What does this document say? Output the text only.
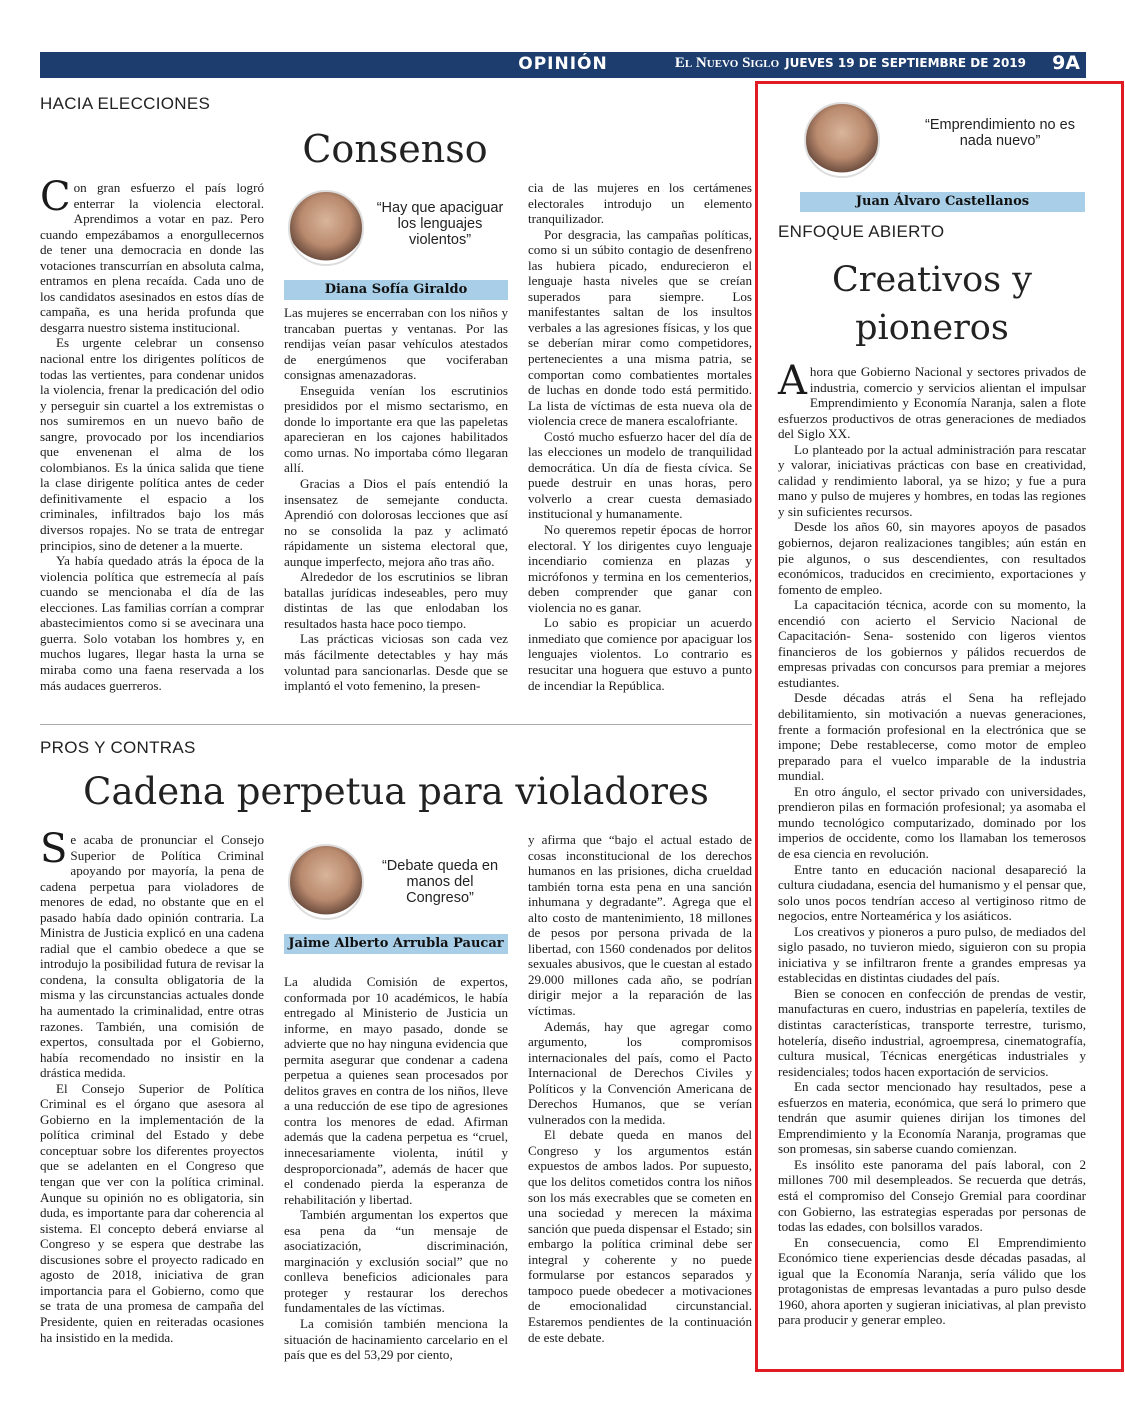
OPINIÓN	El Nuevo Siglo JUEVES 19 DE SEPTIEMBRE DE 2019 9A
HACIA ELECCIONES
Consenso

Con gran esfuerzo el país logró enterrar la violencia electoral. Aprendimos a votar en paz. Pero cuando empezábamos a enorgullecernos de tener una democracia en donde las votaciones transcurrían en absoluta calma, entramos en plena recaída. Cada uno de los candidatos asesinados en estos días de campaña, es una herida profunda que desgarra nuestro sistema institucional.

Es urgente celebrar un consenso nacional entre los dirigentes políticos de todas las vertientes, para condenar unidos la violencia, frenar la predicación del odio y perseguir sin cuartel a los extremistas o nos sumiremos en un nuevo baño de sangre, provocado por los incendiarios que envenenan el alma de los colombianos. Es la única salida que tiene la clase dirigente política antes de ceder definitivamente el espacio a los criminales, infiltrados bajo los más diversos ropajes. No se trata de entregar principios, sino de detener a la muerte.

Ya había quedado atrás la época de la violencia política que estremecía al país cuando se mencionaba el día de las elecciones. Las familias corrían a comprar abastecimientos como si se avecinara una guerra. Solo votaban los hombres y, en muchos lugares, llegar hasta la urna se miraba como una faena reservada a los más audaces guerreros.

“Hay que apaciguar los lenguajes violentos”
Diana Sofía Giraldo

Las mujeres se encerraban con los niños y trancaban puertas y ventanas. Por las rendijas veían pasar vehículos atestados de energúmenos que vociferaban consignas amenazadoras.

Enseguida venían los escrutinios presididos por el mismo sectarismo, en donde lo importante era que las papeletas aparecieran en los cajones habilitados como urnas. No importaba cómo llegaran allí.

Gracias a Dios el país entendió la insensatez de semejante conducta. Aprendió con dolorosas lecciones que así no se consolida la paz y aclimató rápidamente un sistema electoral que, aunque imperfecto, mejora año tras año.

Alrededor de los escrutinios se libran batallas jurídicas indeseables, pero muy distintas de las que enlodaban los resultados hasta hace poco tiempo.

Las prácticas viciosas son cada vez más fácilmente detectables y hay más voluntad para sancionarlas. Desde que se implantó el voto femenino, la presen-

cia de las mujeres en los certámenes electorales introdujo un elemento tranquilizador.

Por desgracia, las campañas políticas, como si un súbito contagio de desenfreno las hubiera picado, endurecieron el lenguaje hasta niveles que se creían superados para siempre. Los manifestantes saltan de los insultos verbales a las agresiones físicas, y los que se deberían mirar como competidores, pertenecientes a una misma patria, se comportan como combatientes mortales de luchas en donde todo está permitido. La lista de víctimas de esta nueva ola de violencia crece de manera escalofriante.

Costó mucho esfuerzo hacer del día de las elecciones un modelo de tranquilidad democrática. Un día de fiesta cívica. Se puede destruir en unas horas, pero volverlo a crear cuesta demasiado institucional y humanamente.

No queremos repetir épocas de horror electoral. Y los dirigentes cuyo lenguaje incendiario comienza en plazas y micrófonos y termina en los cementerios, deben comprender que ganar con violencia no es ganar.

Lo sabio es propiciar un acuerdo inmediato que comience por apaciguar los lenguajes violentos. Lo contrario es resucitar una hoguera que estuvo a punto de incendiar la República.

PROS Y CONTRAS
Cadena perpetua para violadores

Se acaba de pronunciar el Consejo Superior de Política Criminal apoyando por mayoría, la pena de cadena perpetua para violadores de menores de edad, no obstante que en el pasado había dado opinión contraria. La Ministra de Justicia explicó en una cadena radial que el cambio obedece a que se introdujo la posibilidad futura de revisar la condena, la consulta obligatoria de la misma y las circunstancias actuales donde ha aumentado la criminalidad, entre otras razones. También, una comisión de expertos, consultada por el Gobierno, había recomendado no insistir en la drástica medida.

El Consejo Superior de Política Criminal es el órgano que asesora al Gobierno en la implementación de la política criminal del Estado y debe conceptuar sobre los diferentes proyectos que se adelanten en el Congreso que tengan que ver con la política criminal. Aunque su opinión no es obligatoria, sin duda, es importante para dar coherencia al sistema. El concepto deberá enviarse al Congreso y se espera que destrabe las discusiones sobre el proyecto radicado en agosto de 2018, iniciativa de gran importancia para el Gobierno, como que se trata de una promesa de campaña del Presidente, quien en reiteradas ocasiones ha insistido en la medida.

“Debate queda en manos del Congreso”
Jaime Alberto Arrubla Paucar

La aludida Comisión de expertos, conformada por 10 académicos, le había entregado al Ministerio de Justicia un informe, en mayo pasado, donde se advierte que no hay ninguna evidencia que permita asegurar que condenar a cadena perpetua a quienes sean procesados por delitos graves en contra de los niños, lleve a una reducción de ese tipo de agresiones contra los menores de edad. Afirman además que la cadena perpetua es “cruel, innecesariamente violenta, inútil y desproporcionada”, además de hacer que el condenado pierda la esperanza de rehabilitación y libertad.

También argumentan los expertos que esa pena da “un mensaje de asociatización, discriminación, marginación y exclusión social” que no conlleva beneficios adicionales para proteger y restaurar los derechos fundamentales de las víctimas.

La comisión también menciona la situación de hacinamiento carcelario en el país que es del 53,29 por ciento,

y afirma que “bajo el actual estado de cosas inconstitucional de los derechos humanos en las prisiones, dicha crueldad también torna esta pena en una sanción inhumana y degradante”. Agrega que el alto costo de mantenimiento, 18 millones de pesos por persona privada de la libertad, con 1560 condenados por delitos sexuales abusivos, que le cuestan al estado 29.000 millones cada año, se podrían dirigir mejor a la reparación de las víctimas.

Además, hay que agregar como argumento, los compromisos internacionales del país, como el Pacto Internacional de Derechos Civiles y Políticos y la Convención Americana de Derechos Humanos, que se verían vulnerados con la medida.

El debate queda en manos del Congreso y los argumentos están expuestos de ambos lados. Por supuesto, que los delitos cometidos contra los niños son los más execrables que se cometen en una sociedad y merecen la máxima sanción que pueda dispensar el Estado; sin embargo la política criminal debe ser integral y coherente y no puede formularse por estancos separados y tampoco puede obedecer a motivaciones de emocionalidad circunstancial. Estaremos pendientes de la continuación de este debate.

“Emprendimiento no es nada nuevo”
Juan Álvaro Castellanos
ENFOQUE ABIERTO
Creativos y pioneros

Ahora que Gobierno Nacional y sectores privados de industria, comercio y servicios alientan el impulsar Emprendimiento y Economía Naranja, salen a flote esfuerzos productivos de otras generaciones de mediados del Siglo XX.

Lo planteado por la actual administración para rescatar y valorar, iniciativas prácticas con base en creatividad, calidad y rendimiento laboral, ya se hizo; y fue a pura mano y pulso de mujeres y hombres, en todas las regiones y sin suficientes recursos.

Desde los años 60, sin mayores apoyos de pasados gobiernos, dejaron realizaciones tangibles; aún están en pie algunos, o sus descendientes, con resultados económicos, traducidos en crecimiento, exportaciones y fomento de empleo.

La capacitación técnica, acorde con su momento, la encendió con acierto el Servicio Nacional de Capacitación- Sena- sostenido con ligeros vientos financieros de los gobiernos y pálidos recuerdos de empresas privadas con concursos para premiar a mejores estudiantes.

Desde décadas atrás el Sena ha reflejado debilitamiento, sin motivación a nuevas generaciones, frente a formación profesional en la electrónica que se impone; Debe restablecerse, como motor de empleo preparado para el vuelco imparable de la industria mundial.

En otro ángulo, el sector privado con universidades, prendieron pilas en formación profesional; ya asomaba el mundo tecnológico computarizado, dominado por los imperios de occidente, como los llamaban los temerosos de esa ciencia en revolución.

Entre tanto en educación nacional desapareció la cultura ciudadana, esencia del humanismo y el pensar que, solo unos pocos tendrían acceso al vertiginoso ritmo de negocios, entre Norteamérica y los asiáticos.

Los creativos y pioneros a puro pulso, de mediados del siglo pasado, no tuvieron miedo, siguieron con su propia iniciativa y se infiltraron frente a grandes empresas ya establecidas en distintas ciudades del país.

Bien se conocen en confección de prendas de vestir, manufacturas en cuero, industrias en papelería, textiles de distintas características, transporte terrestre, turismo, hotelería, diseño industrial, agroempresa, cinematografía, cultura musical, Técnicas energéticas industriales y residenciales; todos hacen exportación de servicios.

En cada sector mencionado hay resultados, pese a esfuerzos en materia, económica, que será lo primero que tendrán que asumir quienes dirijan los timones del Emprendimiento y la Economía Naranja, programas que son promesas, sin saberse cuando comienzan.

Es insólito este panorama del país laboral, con 2 millones 700 mil desempleados. Se recuerda que detrás, está el compromiso del Consejo Gremial para coordinar con Gobierno, las estrategias esperadas por personas de todas las edades, con bolsillos varados.

En consecuencia, como El Emprendimiento Económico tiene experiencias desde décadas pasadas, al igual que la Economía Naranja, sería válido que los protagonistas de empresas levantadas a puro pulso desde 1960, ahora aporten y sugieran iniciativas, al plan previsto para producir y generar empleo.
